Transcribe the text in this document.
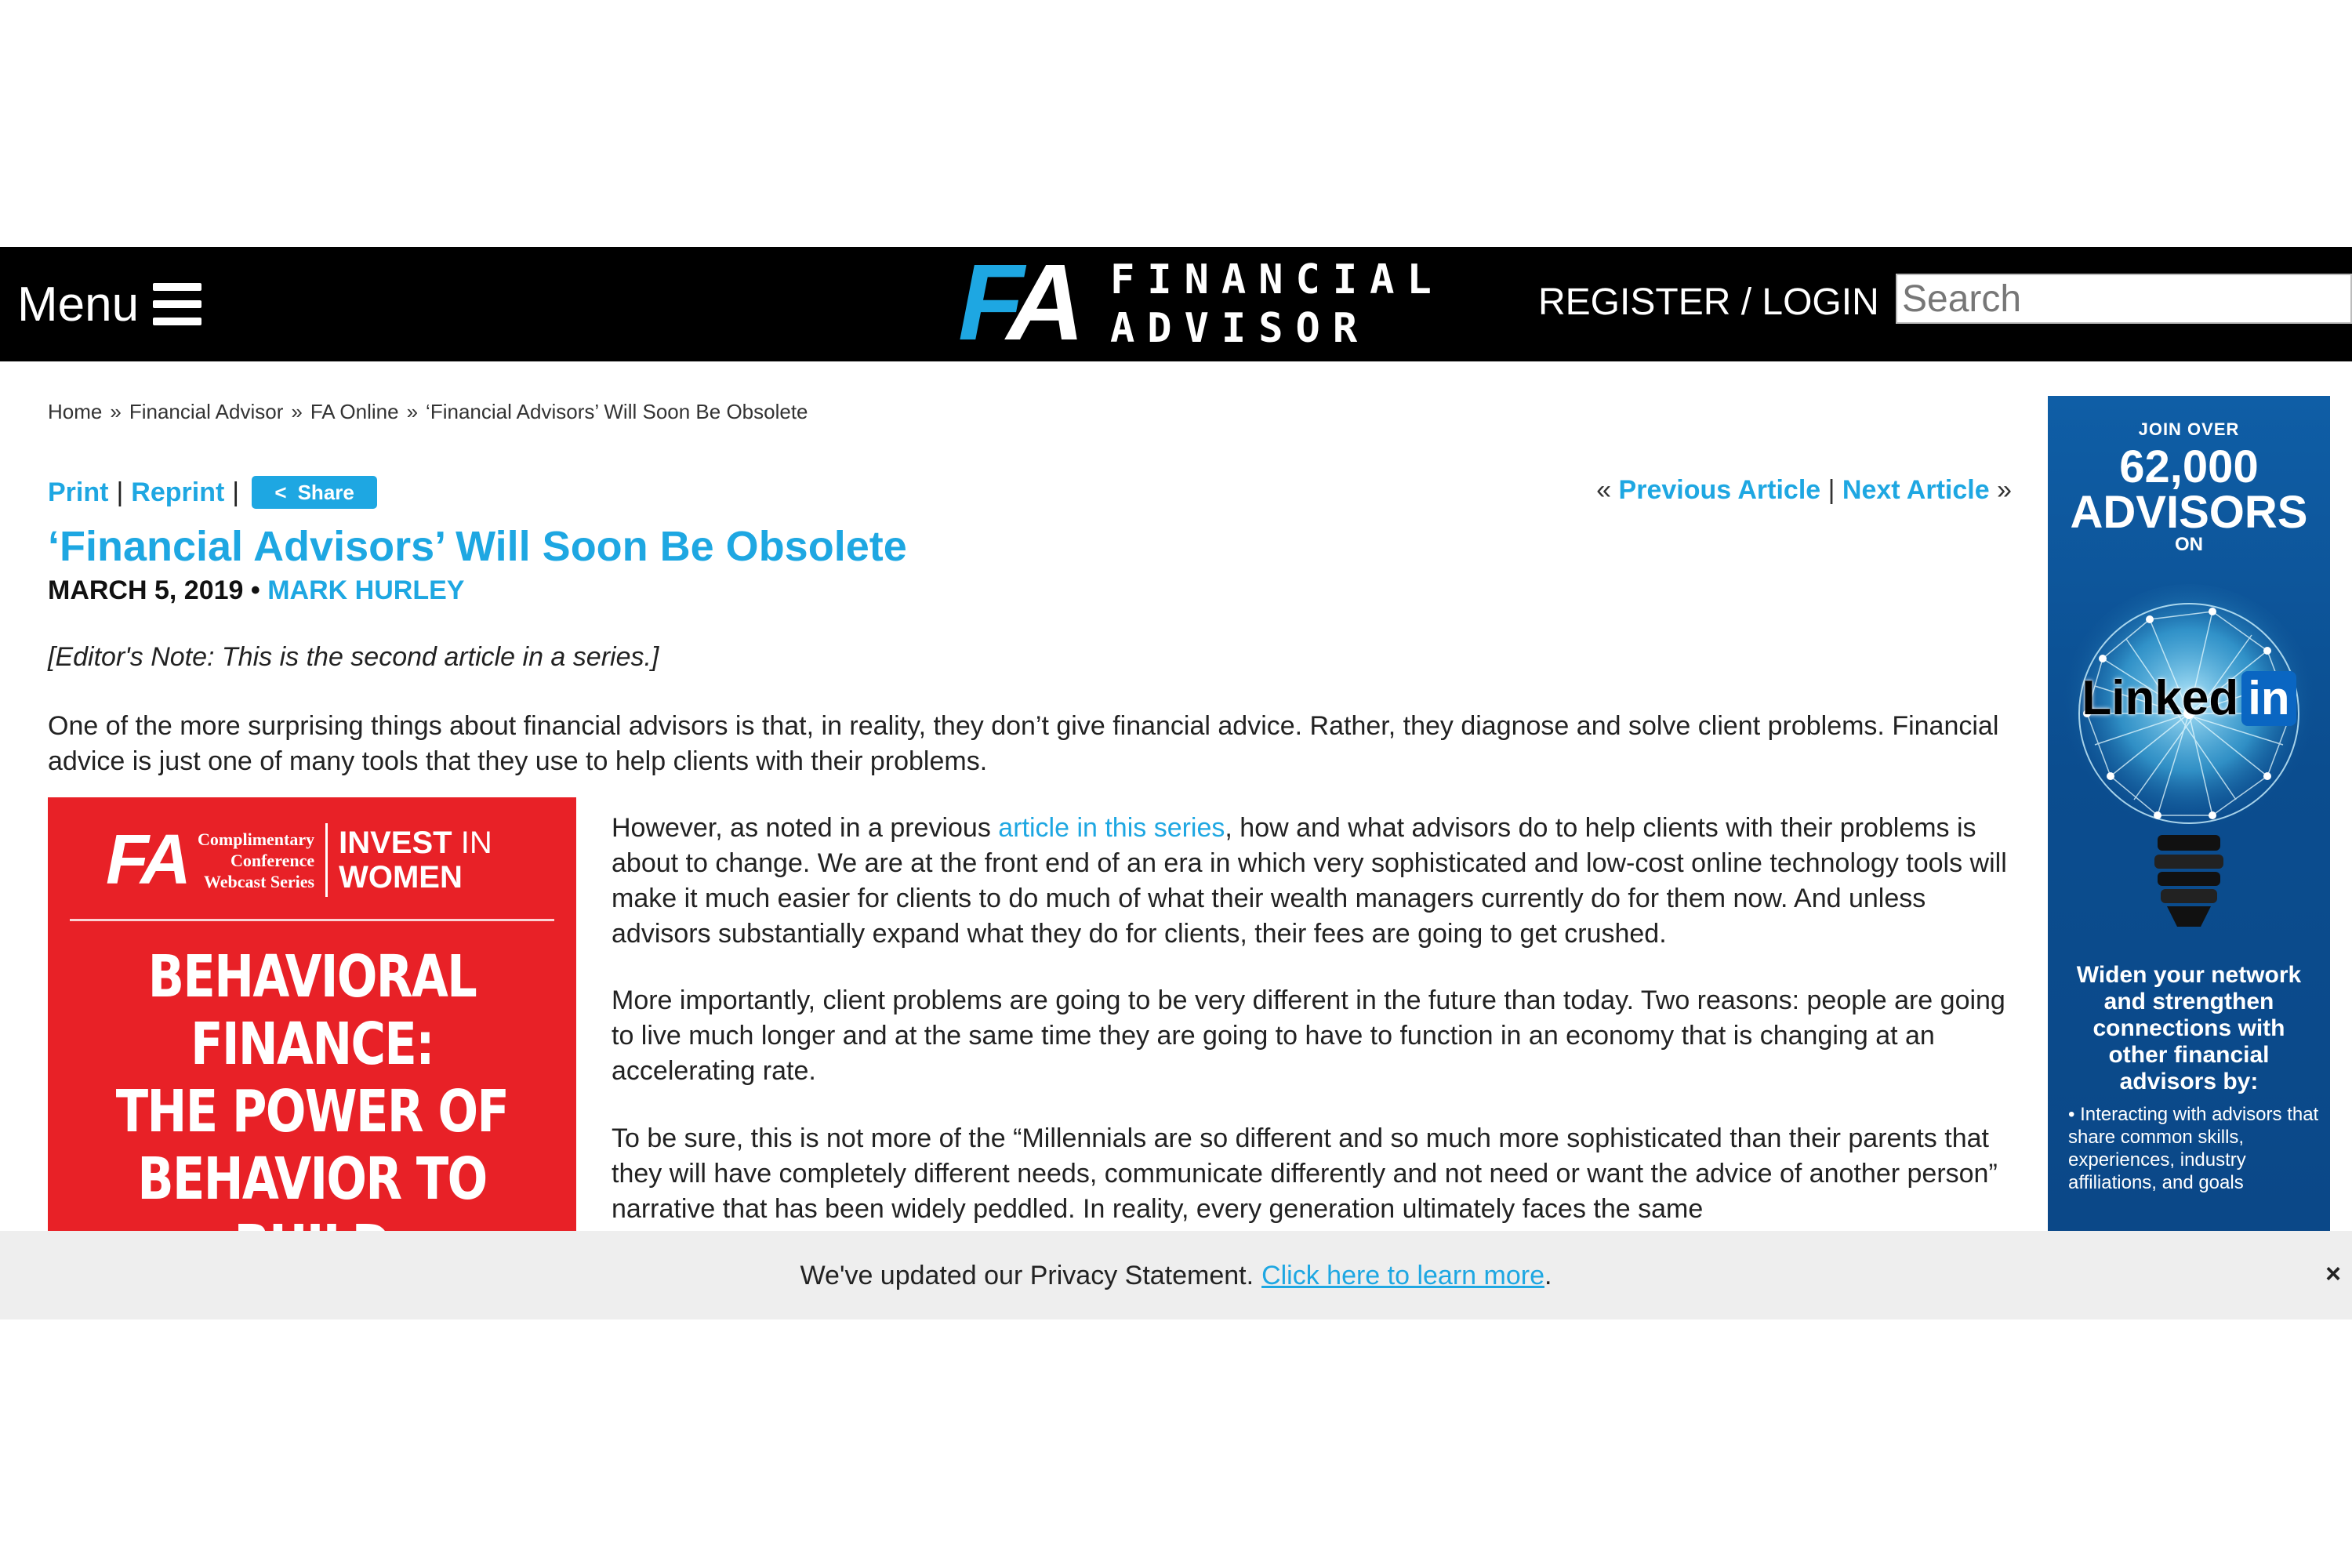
Menu	F
A FINANCIAL
ADVISOR
REGISTER / LOGIN
Search
Home » Financial Advisor » FA Online » ‘Financial Advisors’ Will Soon Be Obsolete
Print | Reprint | < Share	« Previous Article | Next Article »
‘Financial Advisors’ Will Soon Be Obsolete
MARCH 5, 2019 • MARK HURLEY

[Editor's Note: This is the second article in a series.]

One of the more surprising things about financial advisors is that, in reality, they don’t give financial advice. Rather, they diagnose and solve client problems. Financial advice is just one of many tools that they use to help clients with their problems.

FA Complimentary
Conference
Webcast Series
INVEST IN
WOMEN
BEHAVIORAL FINANCE:
THE POWER OF
BEHAVIOR TO
HEALTH

However, as noted in a previous article in this series, how and what advisors do to help clients with their problems is about to change. We are at the front end of an era in which very sophisticated and low-cost online technology tools will make it much easier for clients to do much of what their wealth managers currently do for them now. And unless advisors substantially expand what they do for clients, their fees are going to get crushed.

More importantly, client problems are going to be very different in the future than today. Two reasons: people are going to live much longer and at the same time they are going to have to function in an economy that is changing at an accelerating rate.

To be sure, this is not more of the “Millennials are so different and so much more sophisticated than their parents that they will have completely different needs, communicate differently and not need or want the advice of another person” narrative that has been widely peddled. In reality, every generation ultimately faces the same

JOIN OVER
62,000
ADVISORS
ON
Linked in
Widen your network and strengthen connections with other financial advisors by:
• Interacting with advisors that share common skills, experiences, industry affiliations, and goals
We've updated our Privacy Statement. Click here to learn more.	×
